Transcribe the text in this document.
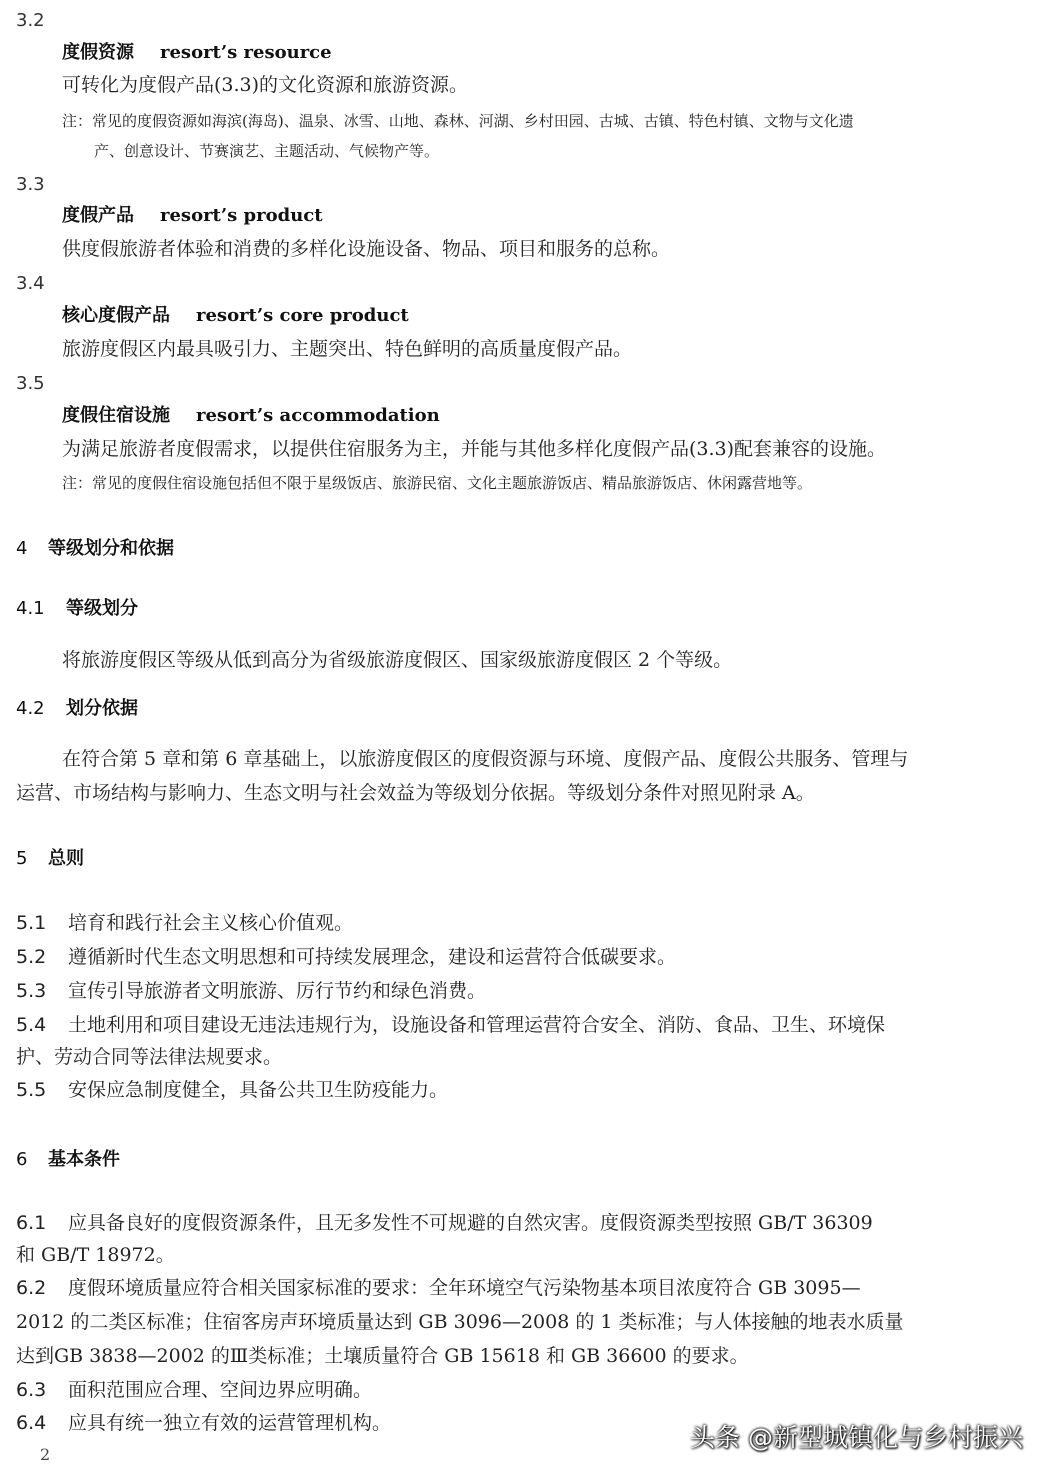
3.2
度假资源 resort’s resource
可转化为度假产品(3.3)的文化资源和旅游资源。
注：常见的度假资源如海滨(海岛)、温泉、冰雪、山地、森林、河湖、乡村田园、古城、古镇、特色村镇、文物与文化遗
产、创意设计、节赛演艺、主题活动、气候物产等。
3.3
度假产品 resort’s product
供度假旅游者体验和消费的多样化设施设备、物品、项目和服务的总称。
3.4
核心度假产品 resort’s core product
旅游度假区内最具吸引力、主题突出、特色鲜明的高质量度假产品。
3.5
度假住宿设施 resort’s accommodation
为满足旅游者度假需求，以提供住宿服务为主，并能与其他多样化度假产品(3.3)配套兼容的设施。
注：常见的度假住宿设施包括但不限于星级饭店、旅游民宿、文化主题旅游饭店、精品旅游饭店、休闲露营地等。
4 等级划分和依据
4.1 等级划分
将旅游度假区等级从低到高分为省级旅游度假区、国家级旅游度假区 2 个等级。
4.2 划分依据
在符合第 5 章和第 6 章基础上，以旅游度假区的度假资源与环境、度假产品、度假公共服务、管理与
运营、市场结构与影响力、生态文明与社会效益为等级划分依据。等级划分条件对照见附录 A。
5 总则
5.1 培育和践行社会主义核心价值观。
5.2 遵循新时代生态文明思想和可持续发展理念，建设和运营符合低碳要求。
5.3 宣传引导旅游者文明旅游、厉行节约和绿色消费。
5.4 土地利用和项目建设无违法违规行为，设施设备和管理运营符合安全、消防、食品、卫生、环境保
护、劳动合同等法律法规要求。
5.5 安保应急制度健全，具备公共卫生防疫能力。
6 基本条件
6.1 应具备良好的度假资源条件，且无多发性不可规避的自然灾害。度假资源类型按照 GB/T 36309
和 GB/T 18972。
6.2 度假环境质量应符合相关国家标准的要求：全年环境空气污染物基本项目浓度符合 GB 3095—
2012 的二类区标准；住宿客房声环境质量达到 GB 3096—2008 的 1 类标准；与人体接触的地表水质量
达到GB 3838—2002 的Ⅲ类标准；土壤质量符合 GB 15618 和 GB 36600 的要求。
6.3 面积范围应合理、空间边界应明确。
6.4 应具有统一独立有效的运营管理机构。
2
头条 @新型城镇化与乡村振兴
